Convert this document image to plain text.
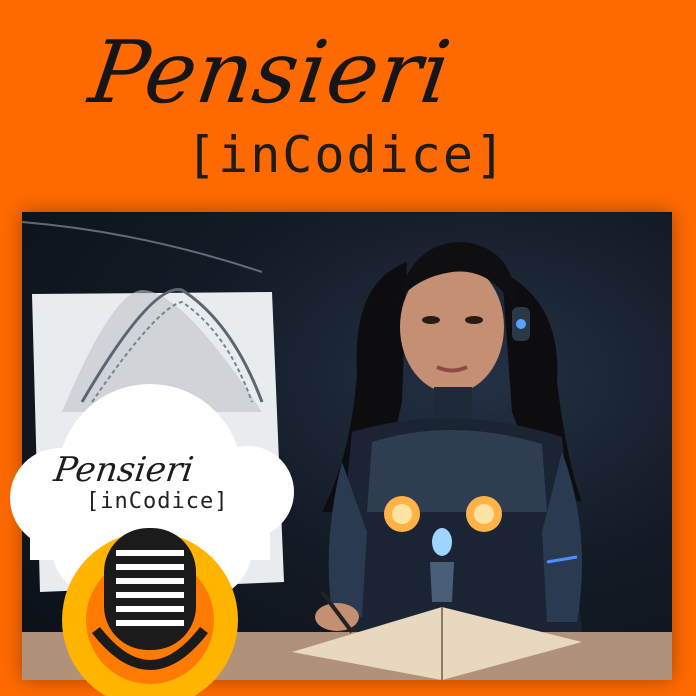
Pensieri
[inCodice]
Pensieri
[inCodice]
